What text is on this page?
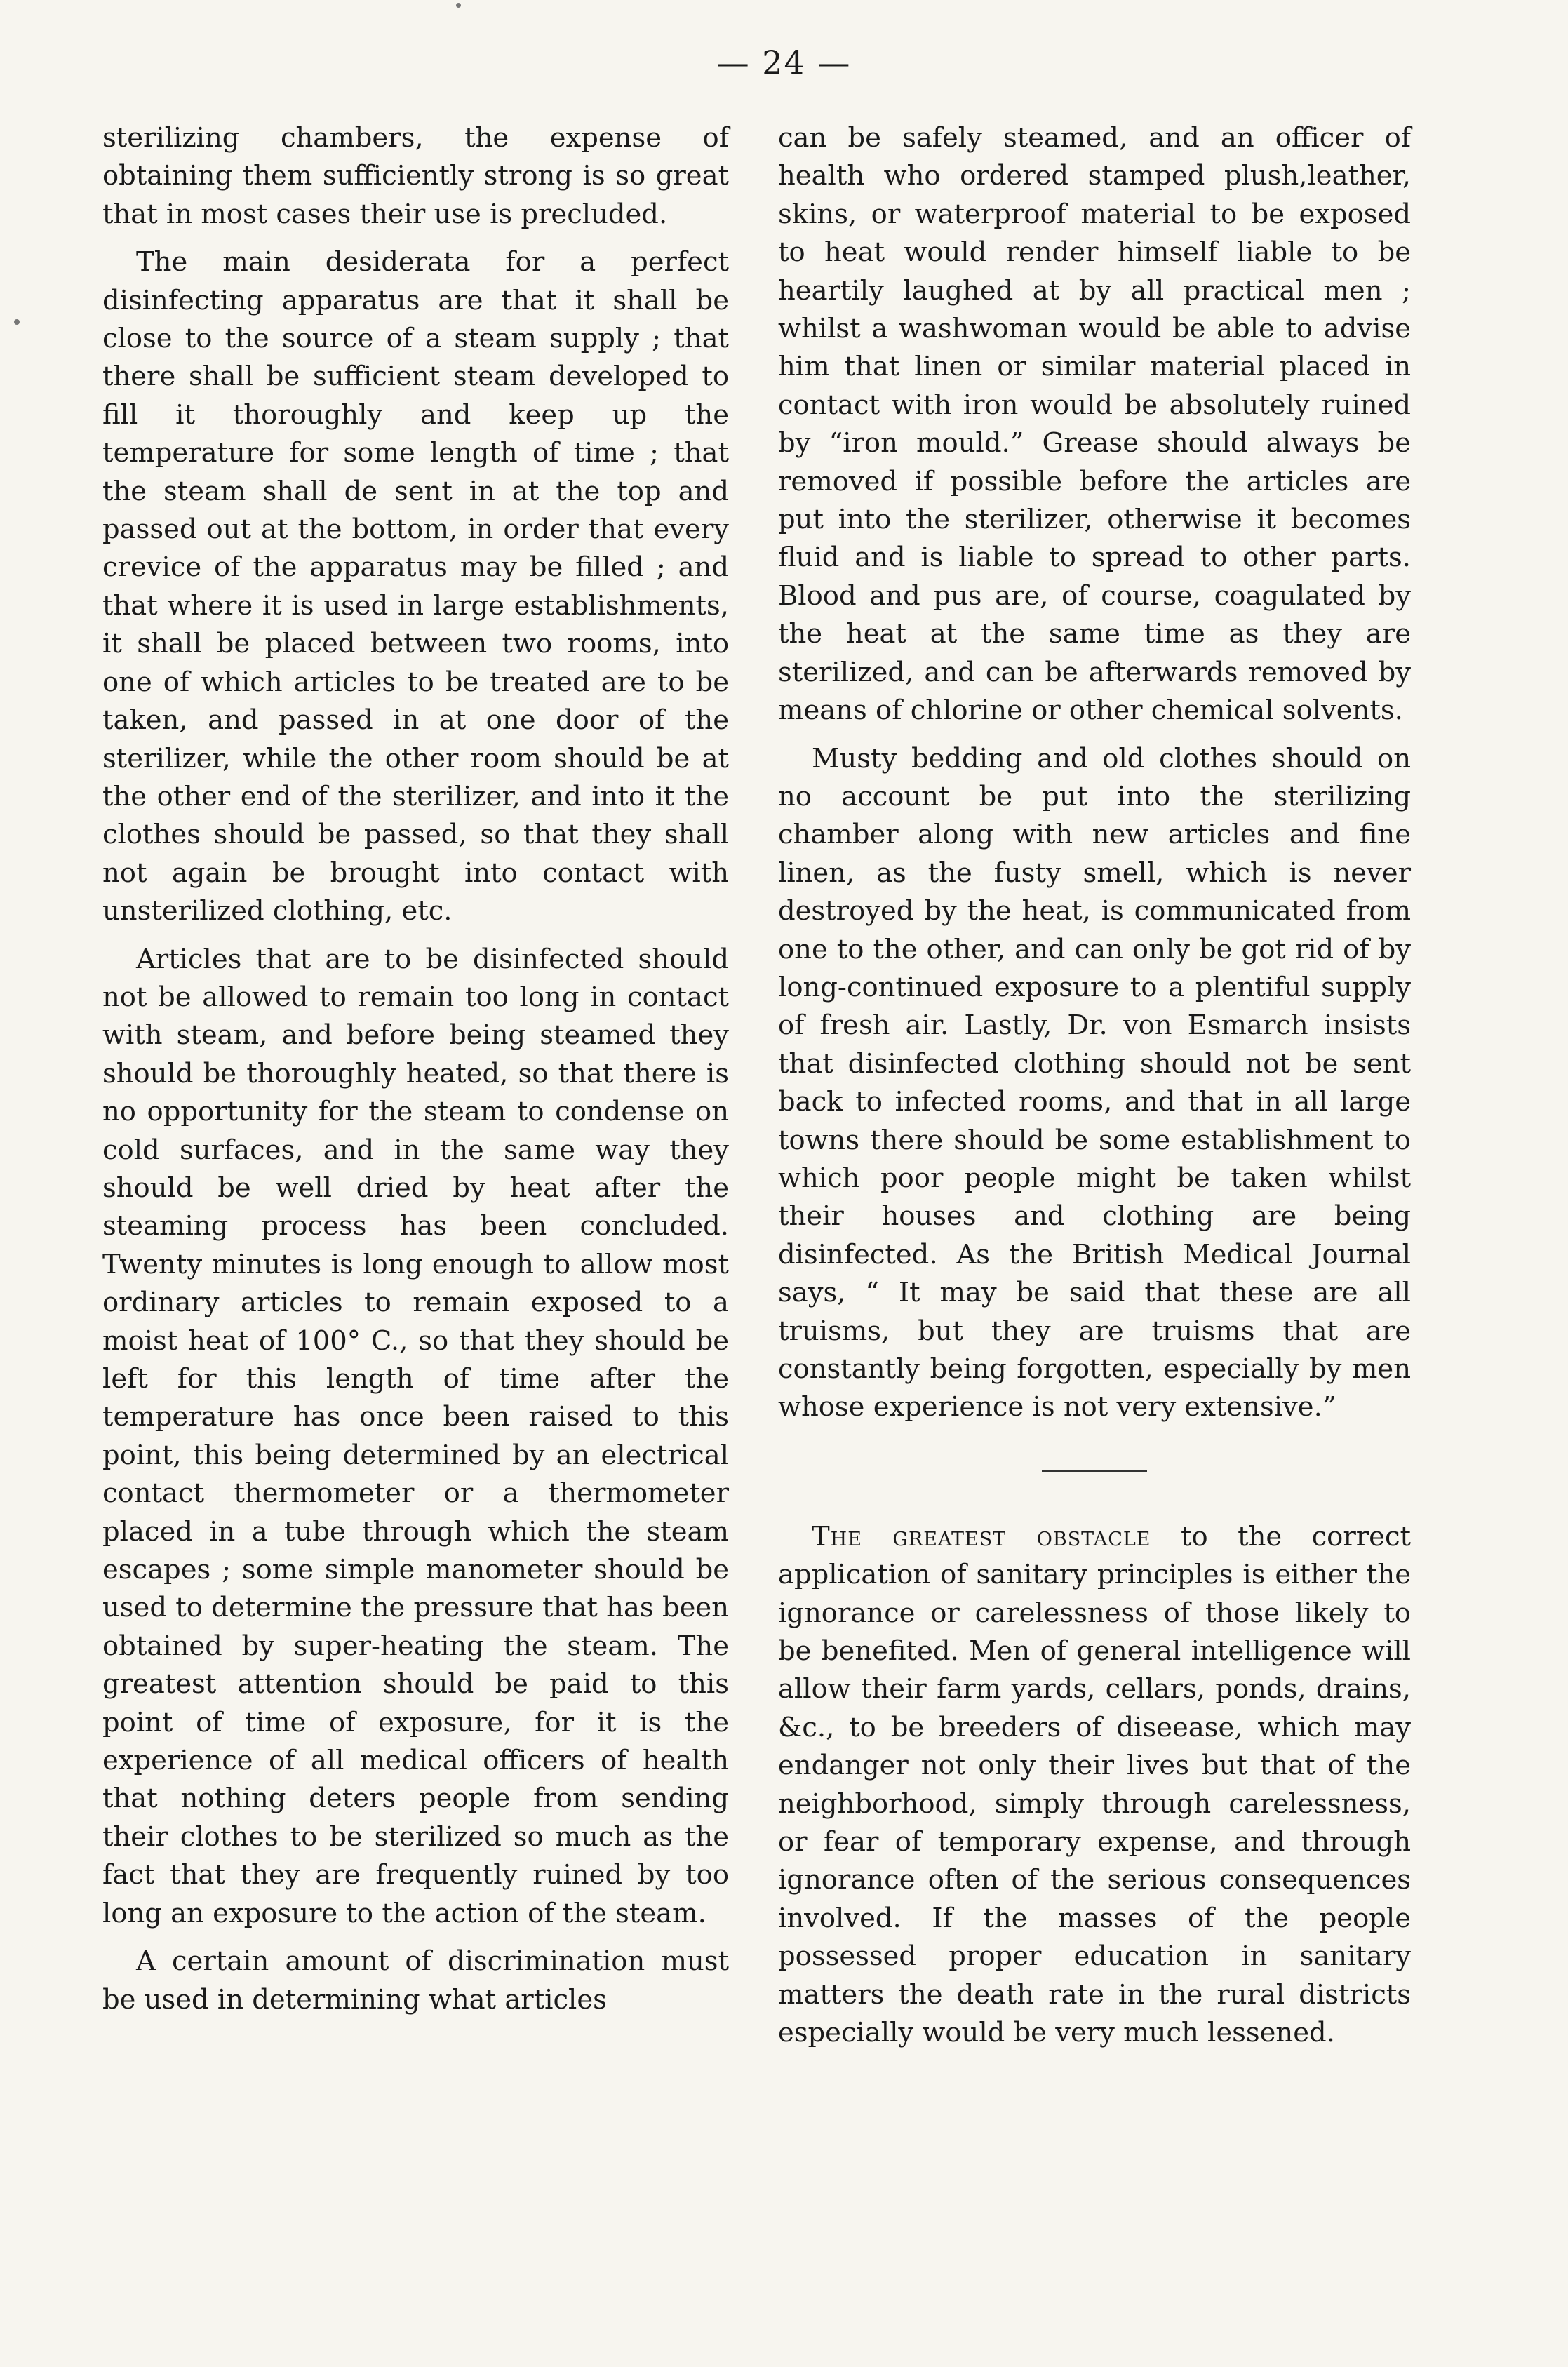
— 24 —

sterilizing chambers, the expense of obtaining them sufficiently strong is so great that in most cases their use is precluded.

The main desiderata for a perfect disinfecting apparatus are that it shall be close to the source of a steam supply ; that there shall be sufficient steam developed to fill it thoroughly and keep up the temperature for some length of time ; that the steam shall de sent in at the top and passed out at the bottom, in order that every crevice of the apparatus may be filled ; and that where it is used in large establishments, it shall be placed between two rooms, into one of which articles to be treated are to be taken, and passed in at one door of the sterilizer, while the other room should be at the other end of the sterilizer, and into it the clothes should be passed, so that they shall not again be brought into contact with unsterilized clothing, etc.

Articles that are to be disinfected should not be allowed to remain too long in contact with steam, and before being steamed they should be thoroughly heated, so that there is no opportunity for the steam to condense on cold surfaces, and in the same way they should be well dried by heat after the steaming process has been concluded. Twenty minutes is long enough to allow most ordinary articles to remain exposed to a moist heat of 100° C., so that they should be left for this length of time after the temperature has once been raised to this point, this being determined by an electrical contact thermometer or a thermometer placed in a tube through which the steam escapes ; some simple manometer should be used to determine the pressure that has been obtained by super-heating the steam. The greatest attention should be paid to this point of time of exposure, for it is the experience of all medical officers of health that nothing deters people from sending their clothes to be sterilized so much as the fact that they are frequently ruined by too long an exposure to the action of the steam.

A certain amount of discrimination must be used in determining what articles

can be safely steamed, and an officer of health who ordered stamped plush,leather, skins, or waterproof material to be exposed to heat would render himself liable to be heartily laughed at by all practical men ; whilst a washwoman would be able to advise him that linen or similar material placed in contact with iron would be absolutely ruined by “iron mould.” Grease should always be removed if possible before the articles are put into the sterilizer, otherwise it becomes fluid and is liable to spread to other parts. Blood and pus are, of course, coagulated by the heat at the same time as they are sterilized, and can be afterwards removed by means of chlorine or other chemical solvents.

Musty bedding and old clothes should on no account be put into the sterilizing chamber along with new articles and fine linen, as the fusty smell, which is never destroyed by the heat, is communicated from one to the other, and can only be got rid of by long-continued exposure to a plentiful supply of fresh air. Lastly, Dr. von Esmarch insists that disinfected clothing should not be sent back to infected rooms, and that in all large towns there should be some establishment to which poor people might be taken whilst their houses and clothing are being disinfected. As the British Medical Journal says, “ It may be said that these are all truisms, but they are truisms that are constantly being forgotten, especially by men whose experience is not very extensive.”

The greatest obstacle to the correct application of sanitary principles is either the ignorance or carelessness of those likely to be benefited. Men of general intelligence will allow their farm yards, cellars, ponds, drains, &c., to be breeders of diseease, which may endanger not only their lives but that of the neighborhood, simply through carelessness, or fear of temporary expense, and through ignorance often of the serious consequences involved. If the masses of the people possessed proper education in sanitary matters the death rate in the rural districts especially would be very much lessened.
